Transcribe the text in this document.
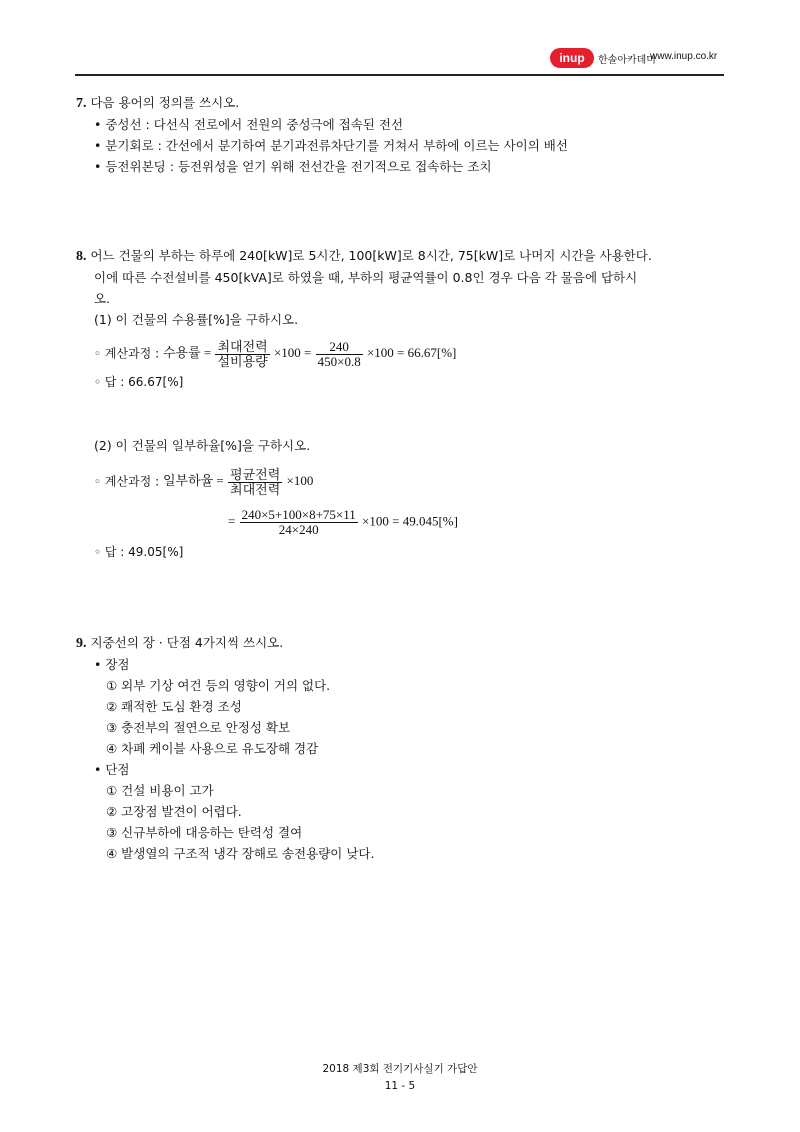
inup	한솔아카데미
www.inup.co.kr
7. 다음 용어의 정의를 쓰시오.
• 중성선 : 다선식 전로에서 전원의 중성극에 접속된 전선
• 분기회로 : 간선에서 분기하여 분기과전류차단기를 거쳐서 부하에 이르는 사이의 배선
• 등전위본딩 : 등전위성을 얻기 위해 전선간을 전기적으로 접속하는 조치
8. 어느 건물의 부하는 하루에 240[kW]로 5시간, 100[kW]로 8시간, 75[kW]로 나머지 시간을 사용한다.
이에 따른 수전설비를 450[kVA]로 하였을 때, 부하의 평균역률이 0.8인 경우 다음 각 물음에 답하시
오.
(1) 이 건물의 수용률[%]을 구하시오.
◦ 계산과정 : 수용률 = $\frac{\text{최대전력}}{\text{설비용량}} \times 100 = \frac{240}{450\times 0.8} \times 100 = 66.67[\%]$
◦ 답 : 66.67[%]
(2) 이 건물의 일부하율[%]을 구하시오.
◦ 계산과정 : 일부하율 = $\frac{\text{평균전력}}{\text{최대전력}} \times 100$
= $\frac{240\times 5+100\times 8+75\times 11}{24\times 240} \times 100 = 49.045[\%]$
◦ 답 : 49.05[%]
9. 지중선의 장 · 단점 4가지씩 쓰시오.
• 장점
① 외부 기상 여건 등의 영향이 거의 없다.
② 쾌적한 도심 환경 조성
③ 충전부의 절연으로 안정성 확보
④ 차폐 케이블 사용으로 유도장해 경감
• 단점
① 건설 비용이 고가
② 고장점 발견이 어렵다.
③ 신규부하에 대응하는 탄력성 결여
④ 발생열의 구조적 냉각 장해로 송전용량이 낮다.
2018 제3회 전기기사실기 가답안
11 - 5
